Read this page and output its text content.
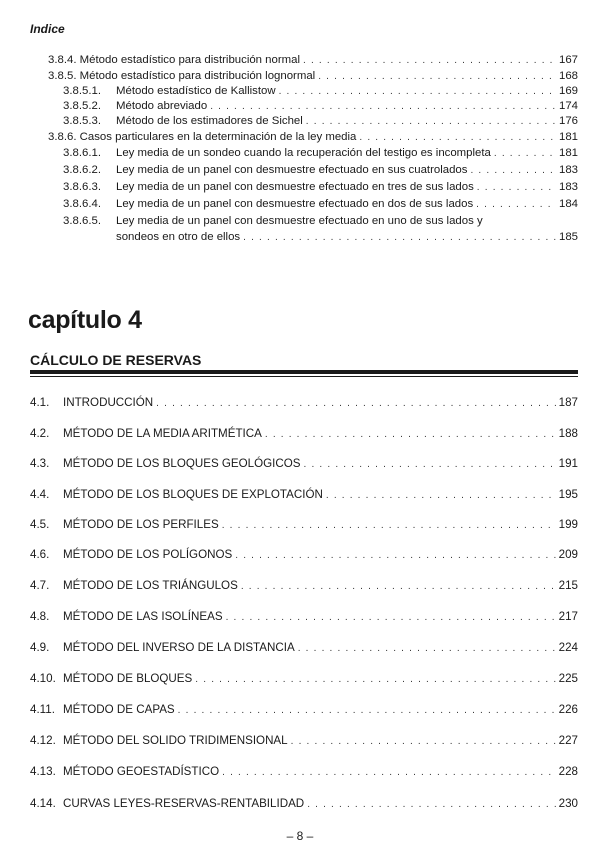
Indice
3.8.4. Método estadístico para distribución normal . . .	167
3.8.5. Método estadístico para distribución lognormal . . .	168
3.8.5.1.	Método estadístico de Kallistow . . .	169
3.8.5.2.	Método abreviado . . .	174
3.8.5.3.	Método de los estimadores de Sichel . . .	176
3.8.6. Casos particulares en la determinación de la ley media . . .	181
3.8.6.1.	Ley media de un sondeo cuando la recuperación del testigo es incompleta . . .	181
3.8.6.2.	Ley media de un panel con desmuestre efectuado en sus cuatrolados . . .	183
3.8.6.3.	Ley media de un panel con desmuestre efectuado en tres de sus lados . . .	183
3.8.6.4.	Ley media de un panel con desmuestre efectuado en dos de sus lados . . .	184
3.8.6.5. Ley media de un panel con desmuestre efectuado en uno de sus lados y
sondeos en otro de ellos . . .	185
capítulo 4
CÁLCULO DE RESERVAS
4.1.	INTRODUCCIÓN . . .	187
4.2.	MÉTODO DE LA MEDIA ARITMÉTICA . . .	188
4.3.	MÉTODO DE LOS BLOQUES GEOLÓGICOS . . .	191
4.4.	MÉTODO DE LOS BLOQUES DE EXPLOTACIÓN . . .	195
4.5.	MÉTODO DE LOS PERFILES . . .	199
4.6.	MÉTODO DE LOS POLÍGONOS . . .	209
4.7.	MÉTODO DE LOS TRIÁNGULOS . . .	215
4.8.	MÉTODO DE LAS ISOLÍNEAS . . .	217
4.9.	MÉTODO DEL INVERSO DE LA DISTANCIA . . .	224
4.10. MÉTODO DE BLOQUES . . .	225
4.11. MÉTODO DE CAPAS . . .	226
4.12. MÉTODO DEL SOLIDO TRIDIMENSIONAL . . .	227
4.13. MÉTODO GEOESTADÍSTICO . . .	228
4.14. CURVAS LEYES-RESERVAS-RENTABILIDAD . . .	230
– 8 –
